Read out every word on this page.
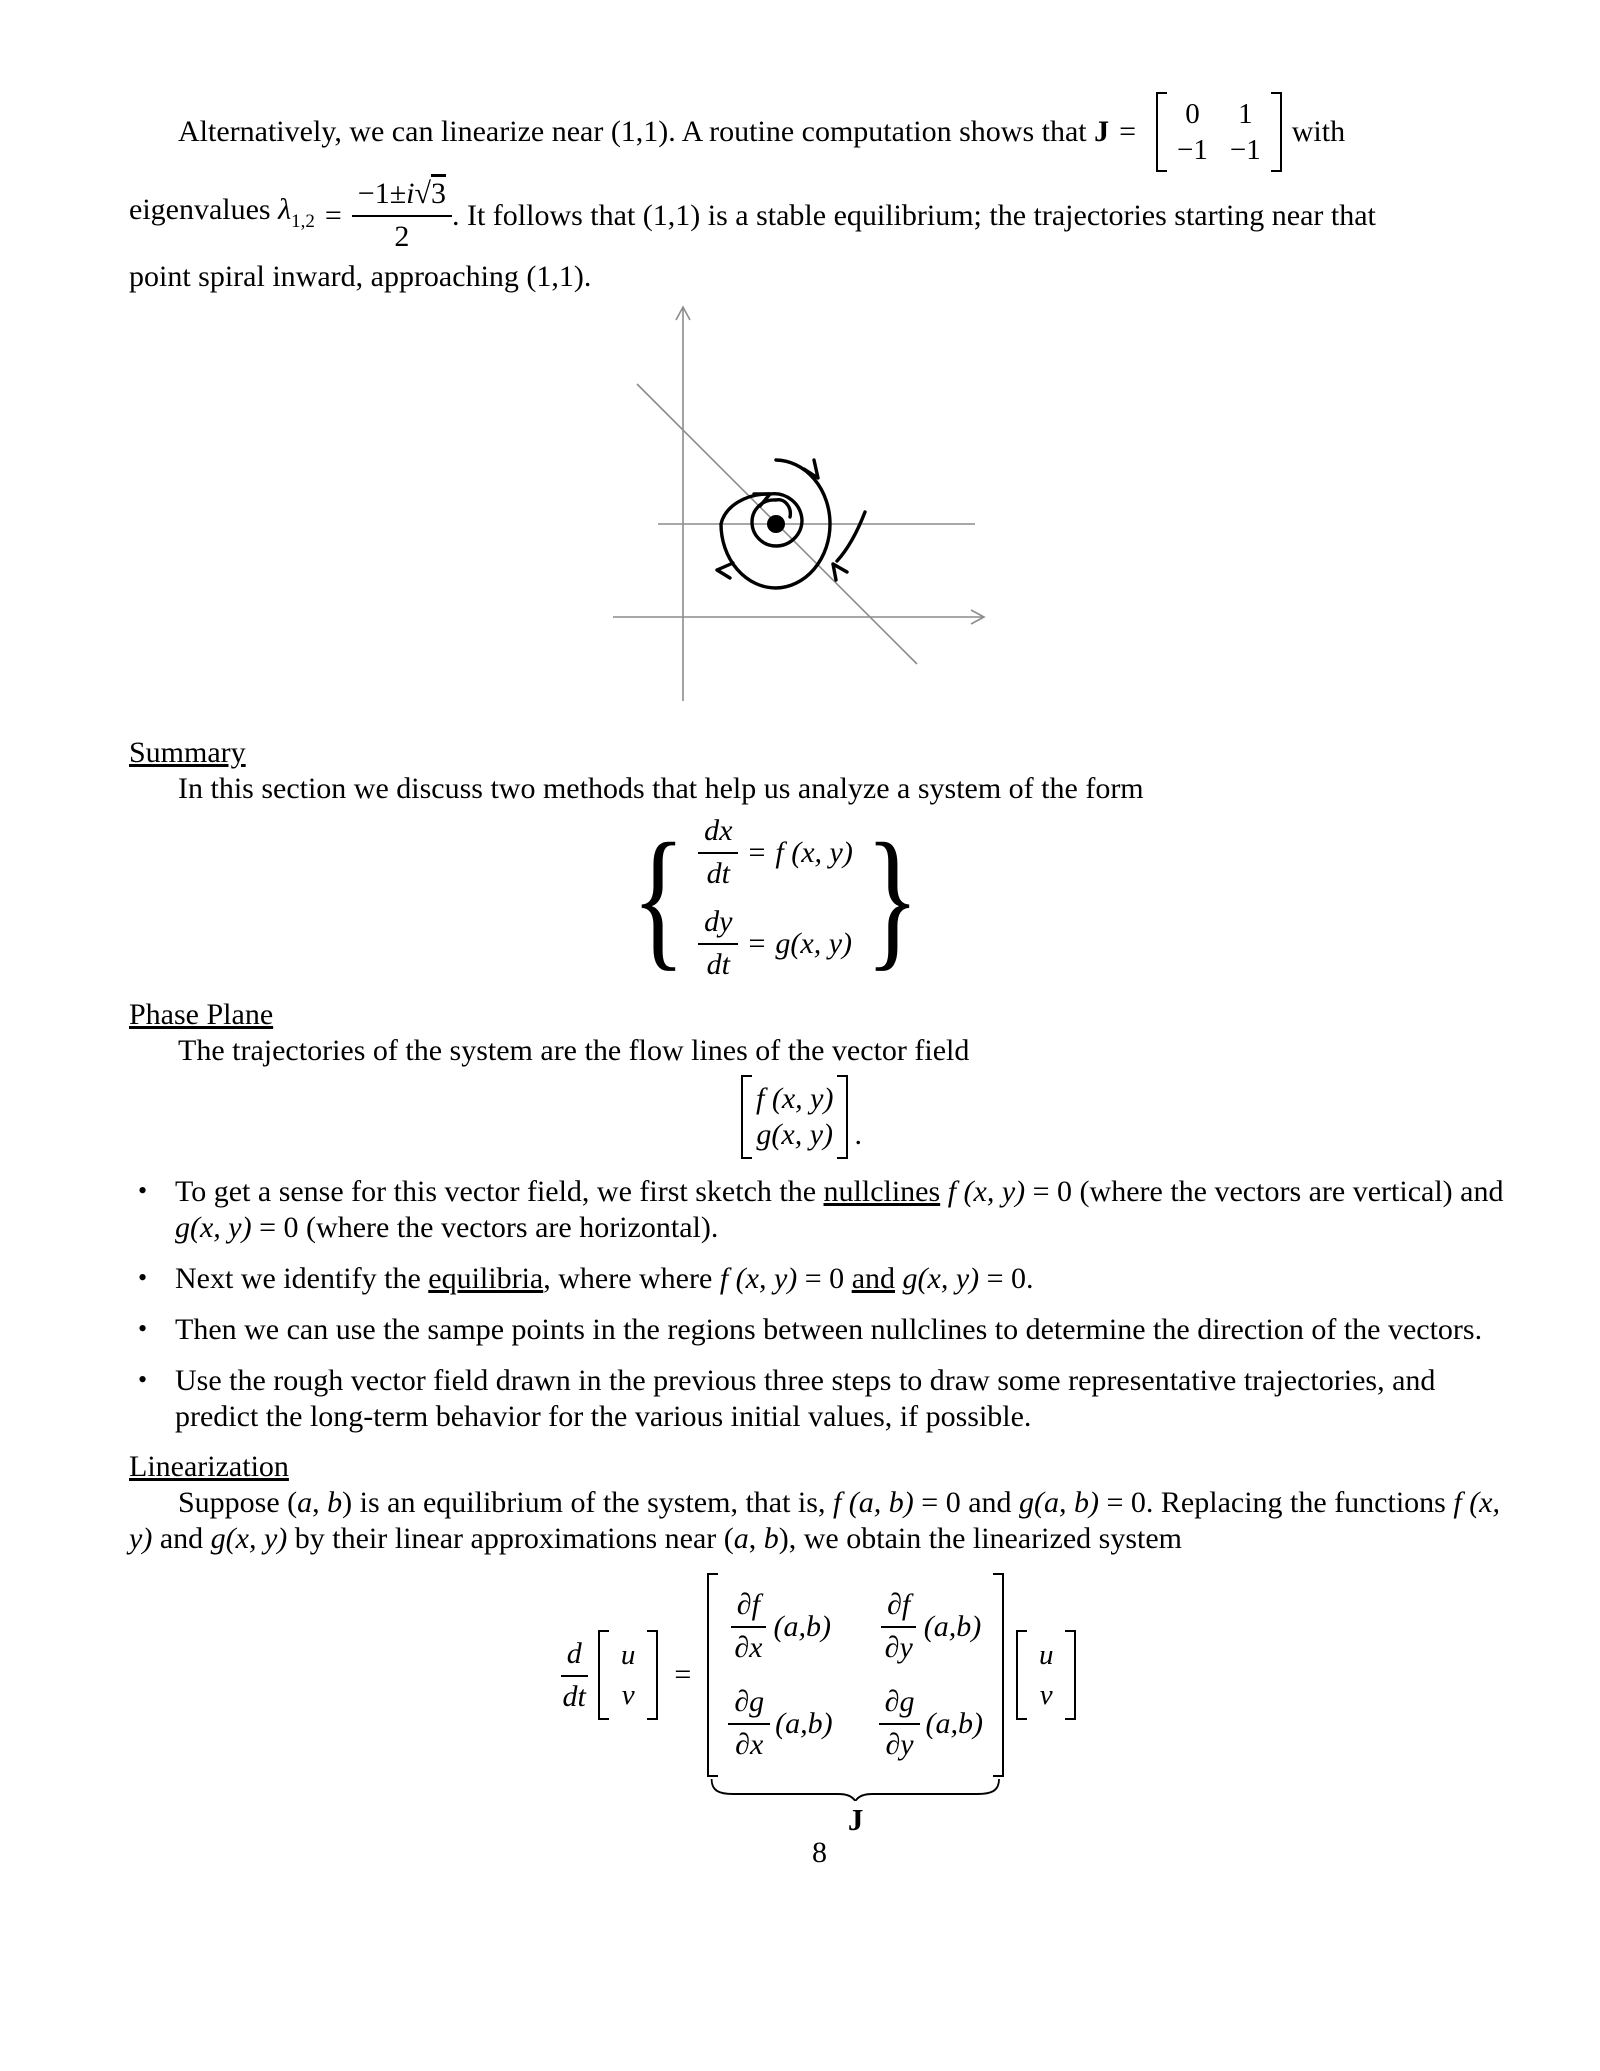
Alternatively, we can linearize near (1,1). A routine computation shows that J =
0 1
−1 −1
with
eigenvalues $\lambda_{1,2} = \frac{-1\pm i√3}{2}$ . It follows that (1,1) is a stable equilibrium; the trajectories starting near that
point spiral inward, approaching (1,1).
Summary
In this section we discuss two methods that help us analyze a system of the form
{ $\frac{dx}{dt} = f$ (x, y)
$\frac{dy}{dt} = g(x$, y) }
Phase Plane
The trajectories of the system are the flow lines of the vector field
f (x, y)
g(x, y) .
• To get a sense for this vector field, we first sketch the nullclines f (x, y) = 0 (where the vectors are vertical) and g(x, y) = 0 (where the vectors are horizontal).
• Next we identify the equilibria, where where f (x, y) = 0 and g(x, y) = 0.
• Then we can use the sampe points in the regions between nullclines to determine the direction of the vectors.
• Use the rough vector field drawn in the previous three steps to draw some representative trajectories, and predict the long-term behavior for the various initial values, if possible.
Linearization
Suppose (a, b) is an equilibrium of the system, that is, f (a, b) = 0 and g(a, b) = 0. Replacing the functions f (x, y) and g(x, y) by their linear approximations near (a, b), we obtain the linearized system
$\frac{d}{dt}$ u
v
=
$\frac{\partial f}{\partial x} (a,b) \frac{\partial f}{\partial y} (a,b)$
$\frac{\partial g}{\partial x} (a,b) \frac{\partial g}{\partial y} (a,b)$
J
u
v
8
